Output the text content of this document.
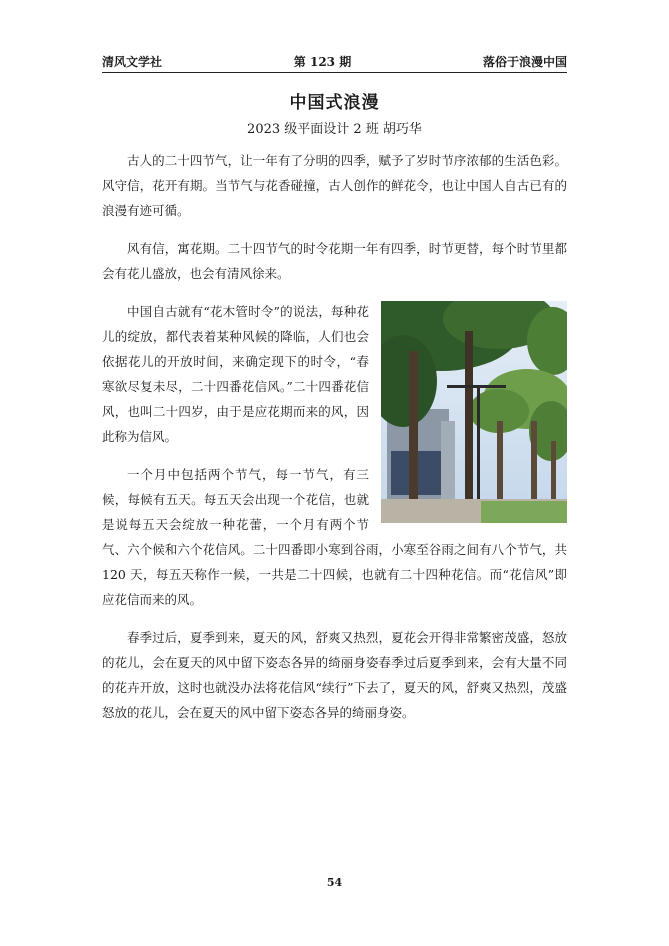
清风文学社	第 123 期	落俗于浪漫中国
中国式浪漫
2023 级平面设计 2 班 胡巧华

古人的二十四节气，让一年有了分明的四季，赋予了岁时节序浓郁的生活色彩。风守信，花开有期。当节气与花香碰撞，古人创作的鲜花令，也让中国人自古已有的浪漫有迹可循。

风有信，寓花期。二十四节气的时令花期一年有四季，时节更替，每个时节里都会有花儿盛放，也会有清风徐来。

中国自古就有“花木管时令”的说法，每种花儿的绽放，都代表着某种风候的降临，人们也会依据花儿的开放时间，来确定现下的时令，“春寒欲尽复未尽，二十四番花信风。”二十四番花信风，也叫二十四岁，由于是应花期而来的风，因此称为信风。

一个月中包括两个节气，每一节气，有三候，每候有五天。每五天会出现一个花信，也就是说每五天会绽放一种花蕾，一个月有两个节气、六个候和六个花信风。二十四番即小寒到谷雨，小寒至谷雨之间有八个节气，共 120 天，每五天称作一候，一共是二十四候，也就有二十四种花信。而“花信风”即应花信而来的风。

春季过后，夏季到来，夏天的风，舒爽又热烈，夏花会开得非常繁密茂盛，怒放的花儿，会在夏天的风中留下姿态各异的绮丽身姿春季过后夏季到来，会有大量不同的花卉开放，这时也就没办法将花信风“续行”下去了，夏天的风，舒爽又热烈，茂盛怒放的花儿，会在夏天的风中留下姿态各异的绮丽身姿。

54
